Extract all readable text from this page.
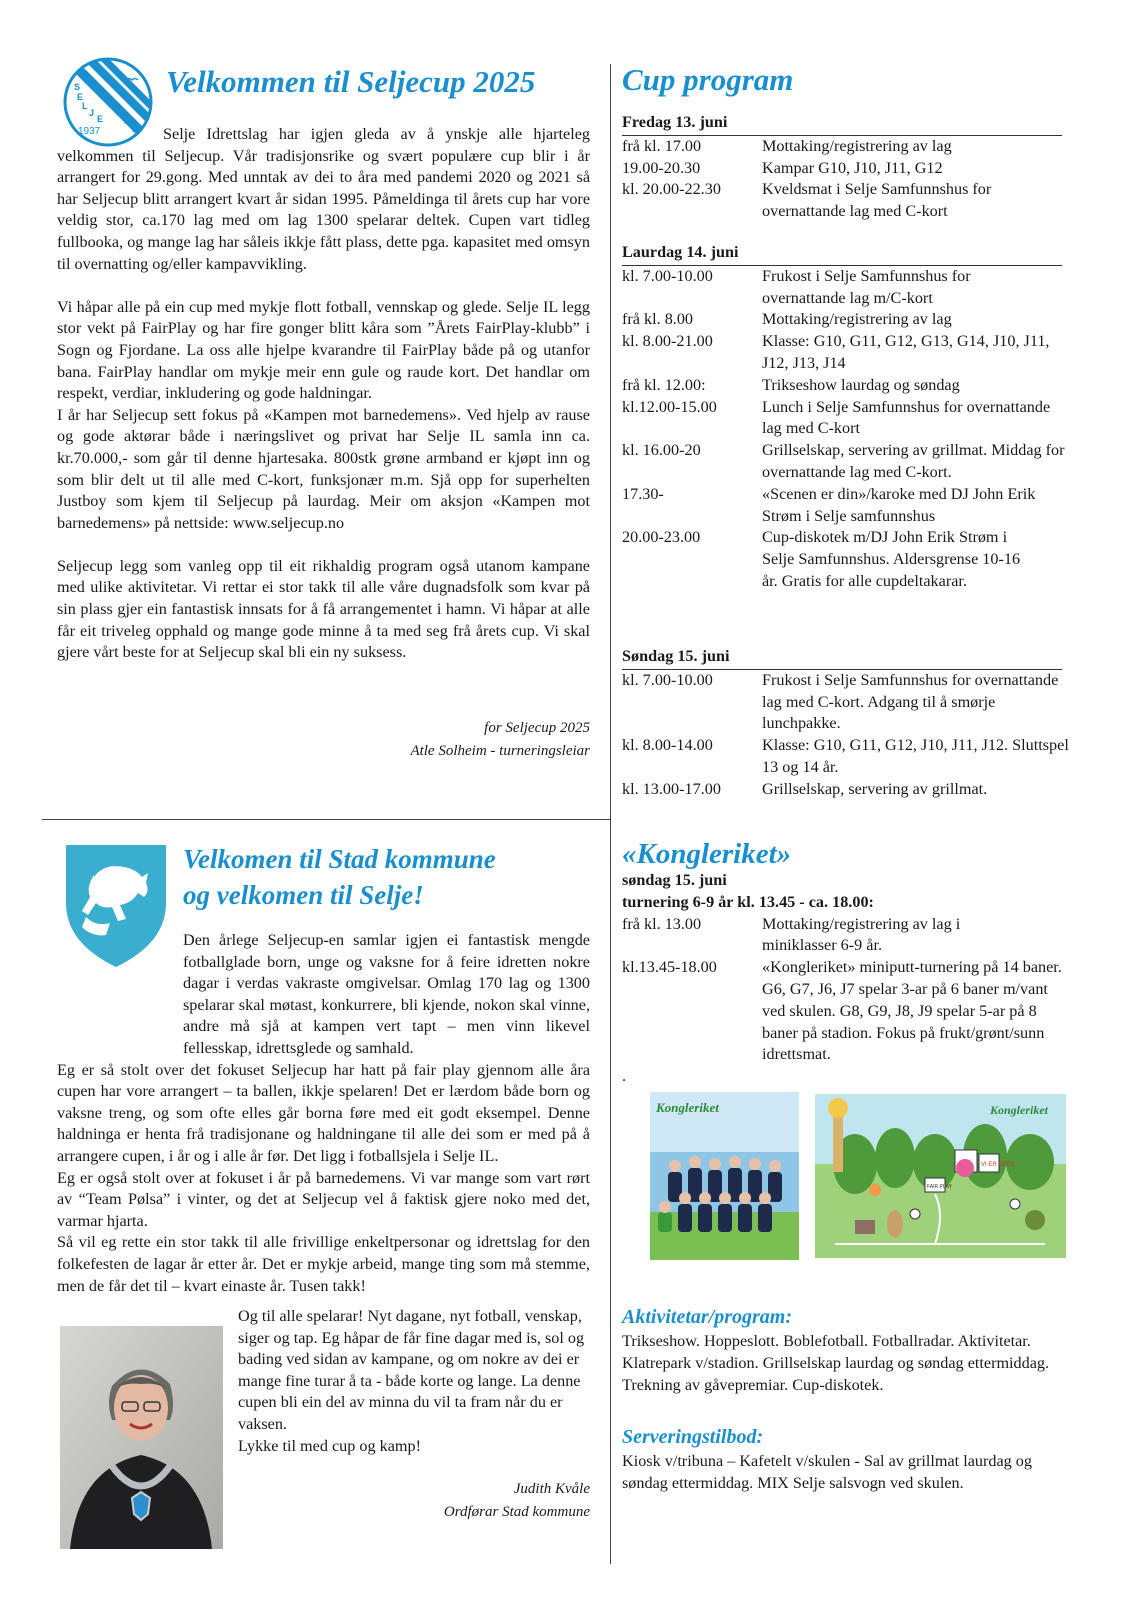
S
E
L
J
E I
L
1937
Velkommen til Seljecup 2025

Selje Idrettslag har igjen gleda av å ynskje alle hjarteleg velkommen til Seljecup. Vår tradisjonsrike og svært populære cup blir i år arrangert for 29.gong. Med unntak av dei to åra med pandemi 2020 og 2021 så har Seljecup blitt arrangert kvart år sidan 1995. Påmeldinga til årets cup har vore veldig stor, ca.170 lag med om lag 1300 spelarar deltek. Cupen vart tidleg fullbooka, og mange lag har såleis ikkje fått plass, dette pga. kapasitet med omsyn til overnatting og/eller kampavvikling.

Vi håpar alle på ein cup med mykje flott fotball, vennskap og glede. Selje IL legg stor vekt på FairPlay og har fire gonger blitt kåra som ”Årets FairPlay-klubb” i Sogn og Fjordane. La oss alle hjelpe kvarandre til FairPlay både på og utanfor bana. FairPlay handlar om mykje meir enn gule og raude kort. Det handlar om respekt, verdiar, inkludering og gode haldningar.

I år har Seljecup sett fokus på «Kampen mot barnedemens». Ved hjelp av rause og gode aktørar både i næringslivet og privat har Selje IL samla inn ca. kr.70.000,- som går til denne hjartesaka. 800stk grøne armband er kjøpt inn og som blir delt ut til alle med C-kort, funksjonær m.m. Sjå opp for superhelten Justboy som kjem til Seljecup på laurdag. Meir om aksjon «Kampen mot barnedemens» på nettside: www.seljecup.no

Seljecup legg som vanleg opp til eit rikhaldig program også utanom kampane med ulike aktivitetar. Vi rettar ei stor takk til alle våre dugnadsfolk som kvar på sin plass gjer ein fantastisk innsats for å få arrangementet i hamn. Vi håpar at alle får eit triveleg opphald og mange gode minne å ta med seg frå årets cup. Vi skal gjere vårt beste for at Seljecup skal bli ein ny suksess.

for Seljecup 2025
Atle Solheim - turneringsleiar
Velkomen til Stad kommune
og velkomen til Selje!

Den årlege Seljecup-en samlar igjen ei fantastisk mengde fotballglade born, unge og vaksne for å feire idretten nokre dagar i verdas vakraste omgivelsar. Omlag 170 lag og 1300 spelarar skal møtast, konkurrere, bli kjende, nokon skal vinne, andre må sjå at kampen vert tapt – men vinn likevel fellesskap, idrettsglede og samhald.

Eg er så stolt over det fokuset Seljecup har hatt på fair play gjennom alle åra cupen har vore arrangert – ta ballen, ikkje spelaren! Det er lærdom både born og vaksne treng, og som ofte elles går borna føre med eit godt eksempel. Denne haldninga er henta frå tradisjonane og haldningane til alle dei som er med på å arrangere cupen, i år og i alle år før. Det ligg i fotballsjela i Selje IL.

Eg er også stolt over at fokuset i år på barnedemens. Vi var mange som vart rørt av “Team Pølsa” i vinter, og det at Seljecup vel å faktisk gjere noko med det, varmar hjarta.

Så vil eg rette ein stor takk til alle frivillige enkeltpersonar og idrettslag for den folkefesten de lagar år etter år. Det er mykje arbeid, mange ting som må stemme, men de får det til – kvart einaste år. Tusen takk!

Og til alle spelarar! Nyt dagane, nyt fotball, venskap, siger og tap. Eg håpar de får fine dagar med is, sol og bading ved sidan av kampane, og om nokre av dei er mange fine turar å ta - både korte og lange. La denne cupen bli ein del av minna du vil ta fram når du er vaksen.

Lykke til med cup og kamp!

Judith Kvåle
Ordførar Stad kommune
Cup program
Fredag 13. juni
frå kl. 17.00	Mottaking/registrering av lag
19.00-20.30	Kampar G10, J10, J11, G12
kl. 20.00-22.30	Kveldsmat i Selje Samfunnshus for overnattande lag med C-kort
Laurdag 14. juni
kl. 7.00-10.00	Frukost i Selje Samfunnshus for overnattande lag m/C-kort
frå kl. 8.00	Mottaking/registrering av lag
kl. 8.00-21.00	Klasse: G10, G11, G12, G13, G14, J10, J11, J12, J13, J14
frå kl. 12.00:	Trikseshow laurdag og søndag
kl.12.00-15.00	Lunch i Selje Samfunnshus for overnattande lag med C-kort
kl. 16.00-20	Grillselskap, servering av grillmat. Middag for overnattande lag med C-kort.
17.30-	«Scenen er din»/karoke med DJ John Erik Strøm i Selje samfunnshus
20.00-23.00	Cup-diskotek m/DJ John Erik Strøm i Selje Samfunnshus. Aldersgrense 10-16 år. Gratis for alle cupdeltakarar.
Søndag 15. juni
kl. 7.00-10.00	Frukost i Selje Samfunnshus for overnattande lag med C-kort. Adgang til å smørje lunchpakke.
kl. 8.00-14.00	Klasse: G10, G11, G12, J10, J11, J12. Sluttspel 13 og 14 år.
kl. 13.00-17.00	Grillselskap, servering av grillmat.
«Kongleriket»
søndag 15. juni
turnering 6-9 år kl. 13.45 - ca. 18.00:
frå kl. 13.00	Mottaking/registrering av lag i miniklasser 6-9 år.
kl.13.45-18.00	«Kongleriket» miniputt-turnering på 14 baner. G6, G7, J6, J7 spelar 3-ar på 6 baner m/vant ved skulen. G8, G9, J8, J9 spelar 5-ar på 8 baner på stadion. Fokus på frukt/grønt/sunn idrettsmat.
.
Kongleriket	Kongleriket
VI ER SEEN
FAIR PLAY
Aktivitetar/program:
Trikseshow. Hoppeslott. Boblefotball. Fotballradar. Aktivitetar. Klatrepark v/stadion. Grillselskap laurdag og søndag ettermiddag. Trekning av gåvepremiar. Cup-diskotek.
Serveringstilbod:
Kiosk v/tribuna – Kafetelt v/skulen - Sal av grillmat laurdag og søndag ettermiddag. MIX Selje salsvogn ved skulen.
